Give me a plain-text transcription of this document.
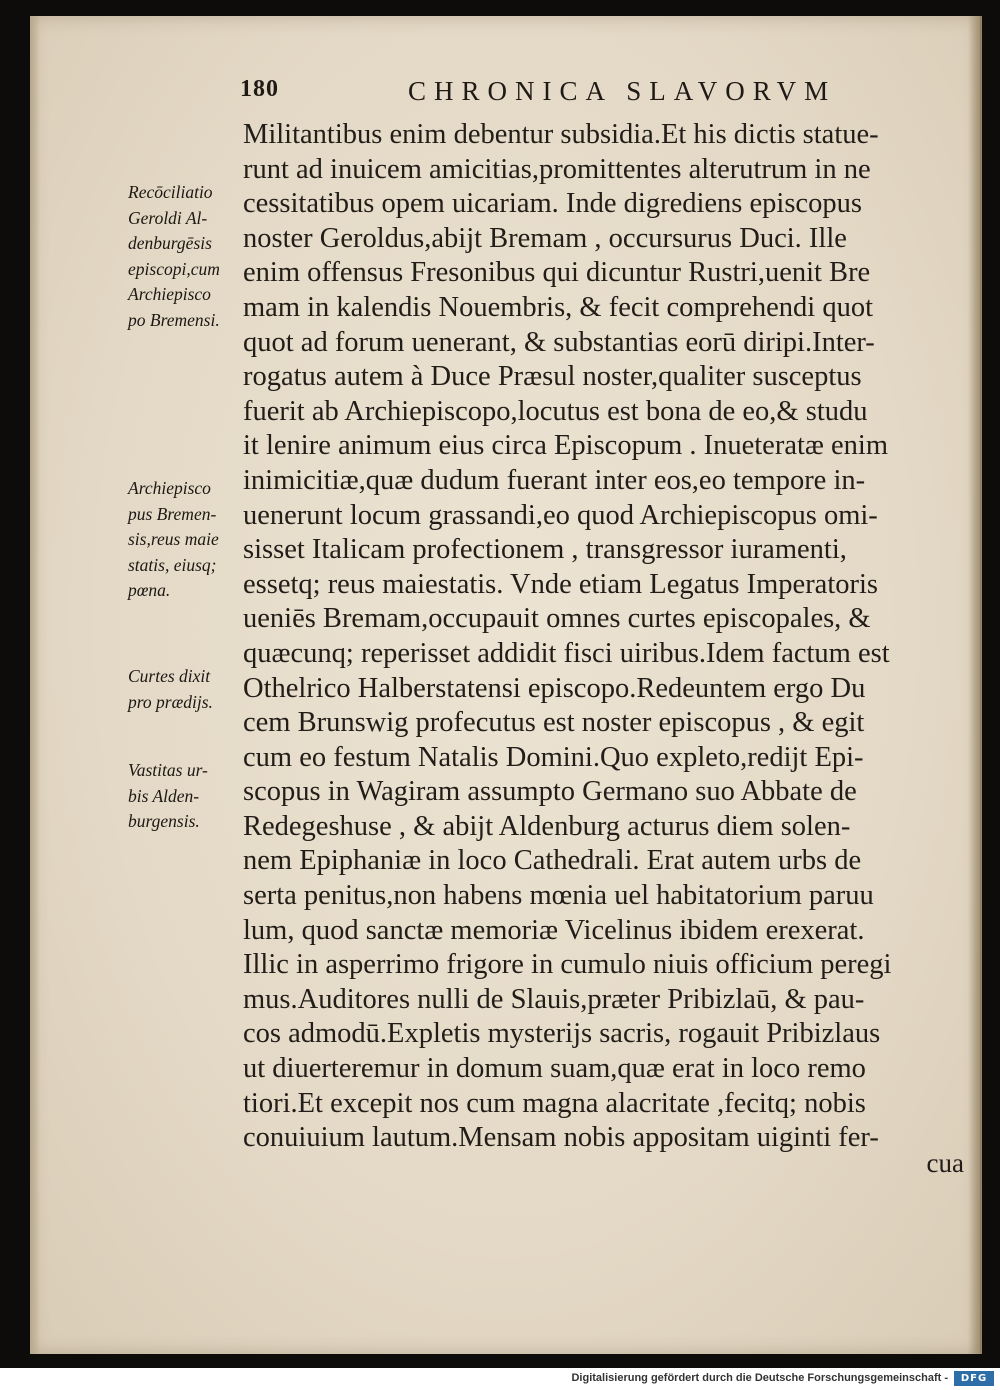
180	CHRONICA SLAVORVM
Militantibus enim debentur subsidia.Et his dictis statue-
runt ad inuicem amicitias,promittentes alterutrum in ne
cessitatibus opem uicariam. Inde digrediens episcopus
noster Geroldus,abijt Bremam , occursurus Duci. Ille
enim offensus Fresonibus qui dicuntur Rustri,uenit Bre
mam in kalendis Nouembris, & fecit comprehendi quot
quot ad forum uenerant, & substantias eorū diripi.Inter-
rogatus autem à Duce Præsul noster,qualiter susceptus
fuerit ab Archiepiscopo,locutus est bona de eo,& studu
it lenire animum eius circa Episcopum . Inueteratæ enim
inimicitiæ,quæ dudum fuerant inter eos,eo tempore in-
uenerunt locum grassandi,eo quod Archiepiscopus omi-
sisset Italicam profectionem , transgressor iuramenti,
essetq; reus maiestatis. Vnde etiam Legatus Imperatoris
ueniēs Bremam,occupauit omnes curtes episcopales, &
quæcunq; reperisset addidit fisci uiribus.Idem factum est
Othelrico Halberstatensi episcopo.Redeuntem ergo Du
cem Brunswig profecutus est noster episcopus , & egit
cum eo festum Natalis Domini.Quo expleto,redijt Epi-
scopus in Wagiram assumpto Germano suo Abbate de
Redegeshuse , & abijt Aldenburg acturus diem solen-
nem Epiphaniæ in loco Cathedrali. Erat autem urbs de
serta penitus,non habens mœnia uel habitatorium paruu
lum, quod sanctæ memoriæ Vicelinus ibidem erexerat.
Illic in asperrimo frigore in cumulo niuis officium peregi
mus.Auditores nulli de Slauis,præter Pribizlaū, & pau-
cos admodū.Expletis mysterijs sacris, rogauit Pribizlaus
ut diuerteremur in domum suam,quæ erat in loco remo
tiori.Et excepit nos cum magna alacritate ,fecitq; nobis
conuiuium lautum.Mensam nobis appositam uiginti fer-
cua
Recōciliatio
Geroldi Al-
denburgēsis
episcopi,cum
Archiepisco
po Bremensi.
Archiepisco
pus Bremen-
sis,reus maie
statis, eiusq;
pœna.
Curtes dixit
pro prædijs.
Vastitas ur-
bis Alden-
burgensis.
Digitalisierung gefördert durch die Deutsche Forschungsgemeinschaft -	DFG
